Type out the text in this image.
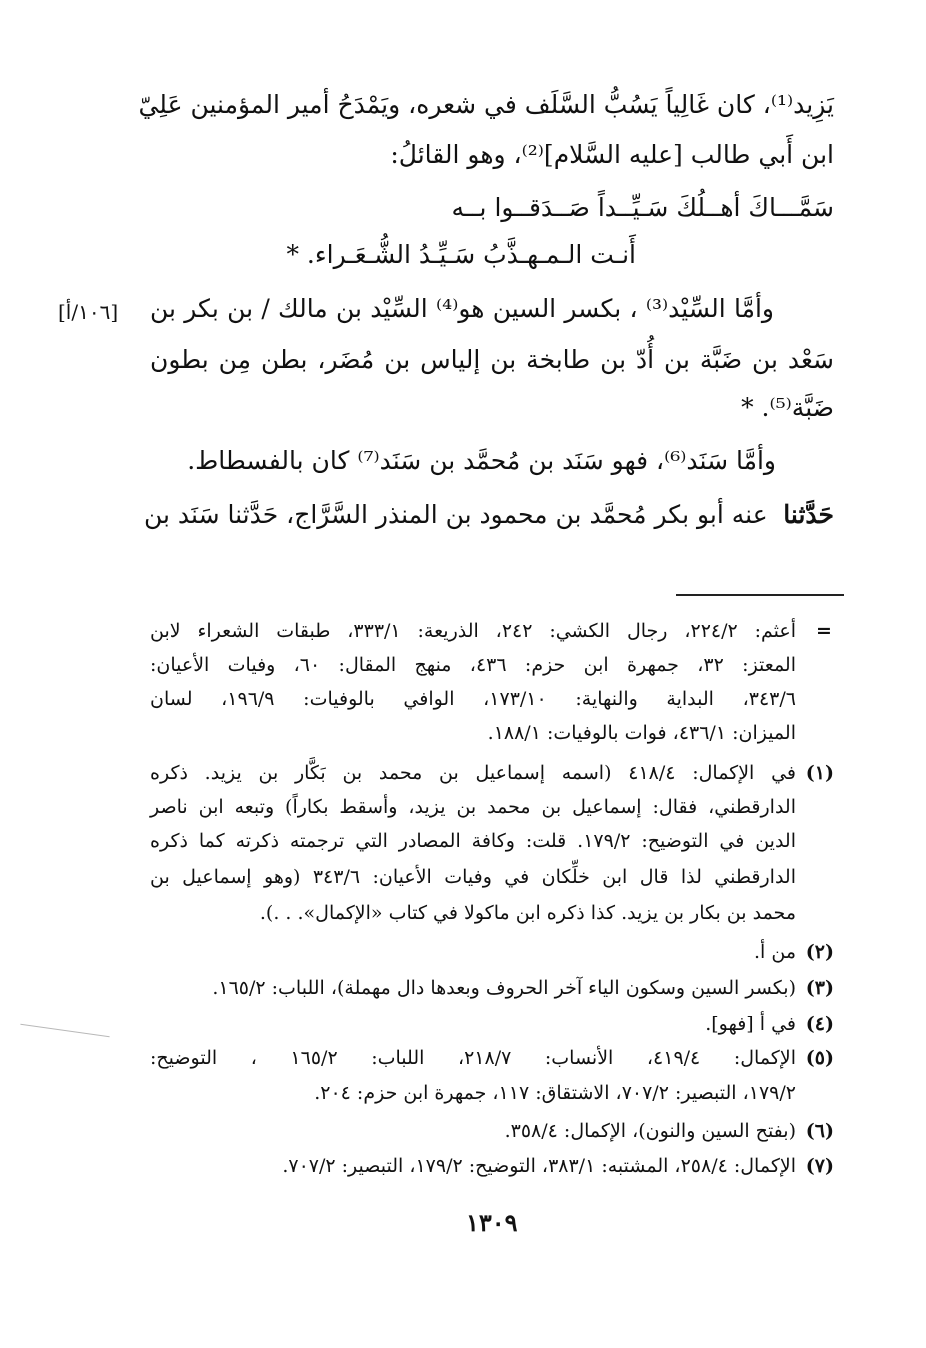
يَزِيد⁽¹⁾، كان غَالِياً يَسُبُّ السَّلَف في شعره، ويَمْدَحُ أمير المؤمنين عَلِيّ
ابن أَبي طالب [عليه السَّلام]⁽²⁾، وهو القائلُ:
سَمَّـــاكَ أهــلُكَ سَـيِّــداً صَــدَقــوا بــه
أَنـت الـمـهـذَّبُ سَـيِّـدُ الشُّـعَـراء. *
وأمَّا السِّيْد⁽³⁾ ، بكسر السين هو⁽⁴⁾ السِّيْد بن مالك / بن بكر بن
[١٠٦/أ]
سَعْد بن ضَبَّة بن أُدّ بن طابخة بن إلياس بن مُضَر، بطن مِن بطون
ضَبَّة⁽⁵⁾. *
وأمَّا سَنَد⁽⁶⁾، فهو سَنَد بن مُحمَّد بن سَنَد⁽⁷⁾ كان بالفسطاط.
حَدَّثنا
عنه أبو بكر مُحمَّد بن محمود بن المنذر السَّرَّاج، حَدَّثنا سَنَد بن
=
أعثم: ٢٢٤/٢، رجال الكشي: ٢٤٢، الذريعة: ٣٣٣/١، طبقات الشعراء لابن
المعتز: ٣٢، جمهرة ابن حزم: ٤٣٦، منهج المقال: ٦٠، وفيات الأعيان:
٣٤٣/٦، البداية والنهاية: ١٧٣/١٠، الوافي بالوفيات: ١٩٦/٩، لسان
الميزان: ٤٣٦/١، فوات بالوفيات: ١٨٨/١.
(١)
في الإكمال: ٤١٨/٤ (اسمه إسماعيل بن محمد بن بَكَّار بن يزيد. ذكره
الدارقطني، فقال: إسماعيل بن محمد بن يزيد، وأسقط بكاراً) وتبعه ابن ناصر
الدين في التوضيح: ١٧٩/٢. قلت: وكافة المصادر التي ترجمته ذكرته كما ذكره
الدارقطني لذا قال ابن خلِّكان في وفيات الأعيان: ٣٤٣/٦ (وهو إسماعيل بن
محمد بن بكار بن يزيد. كذا ذكره ابن ماكولا في كتاب «الإكمال». . .).
(٢)
من أ.
(٣)
(بكسر السين وسكون الياء آخر الحروف وبعدها دال مهملة)، اللباب: ١٦٥/٢.
(٤)
في أ [فهو].
(٥)
الإكمال: ٤١٩/٤، الأنساب: ٢١٨/٧، اللباب: ١٦٥/٢ ، التوضيح:
١٧٩/٢، التبصير: ٧٠٧/٢، الاشتقاق: ١١٧، جمهرة ابن حزم: ٢٠٤.
(٦)
(بفتح السين والنون)، الإكمال: ٣٥٨/٤.
(٧)
الإكمال: ٢٥٨/٤، المشتبه: ٣٨٣/١، التوضيح: ١٧٩/٢، التبصير: ٧٠٧/٢.
١٣٠٩
